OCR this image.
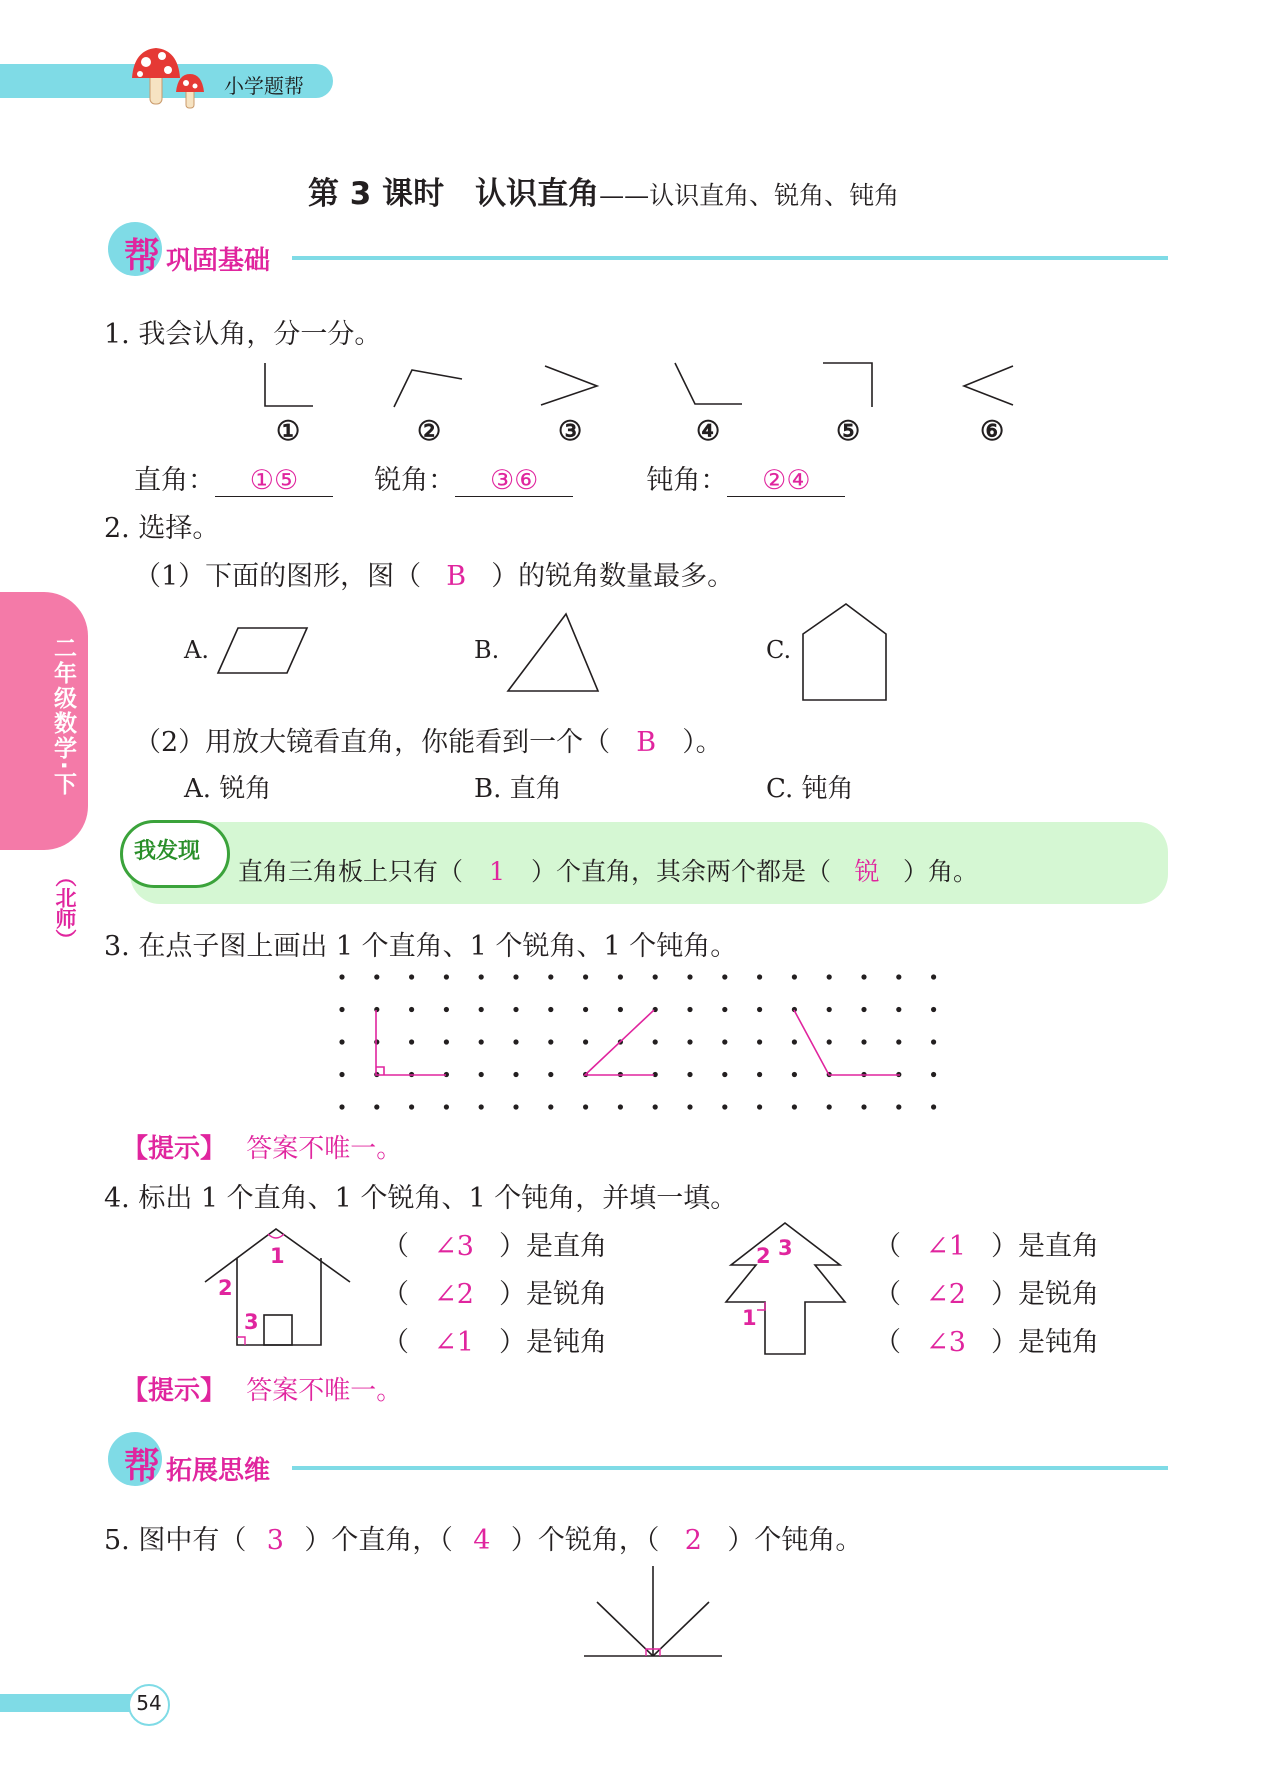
小学题帮
第 3 课时　认识直角——认识直角、锐角、钝角
帮 巩固基础
二年级数学·下
（北师）
1. 我会认角，分一分。
①	②	③	④	⑤	⑥
直角： ①⑤	锐角： ③⑥	钝角： ②④
2. 选择。
（1）下面的图形，图（ B ）的锐角数量最多。
A.	B.	C.
（2）用放大镜看直角，你能看到一个（ B ）。
A. 锐角	B. 直角	C. 钝角
我发现
直角三角板上只有（ 1 ）个直角，其余两个都是（ 锐 ）角。
3. 在点子图上画出 1 个直角、1 个锐角、1 个钝角。
【提示】 答案不唯一。
4. 标出 1 个直角、1 个锐角、1 个钝角，并填一填。
1
2
3
2 3
1
（ ∠3 ）是直角
（ ∠2 ）是锐角
（ ∠1 ）是钝角
（ ∠1 ）是直角
（ ∠2 ）是锐角
（ ∠3 ）是钝角
【提示】 答案不唯一。
帮 拓展思维
5. 图中有（ 3 ）个直角，（ 4 ）个锐角，（ 2 ）个钝角。
54
